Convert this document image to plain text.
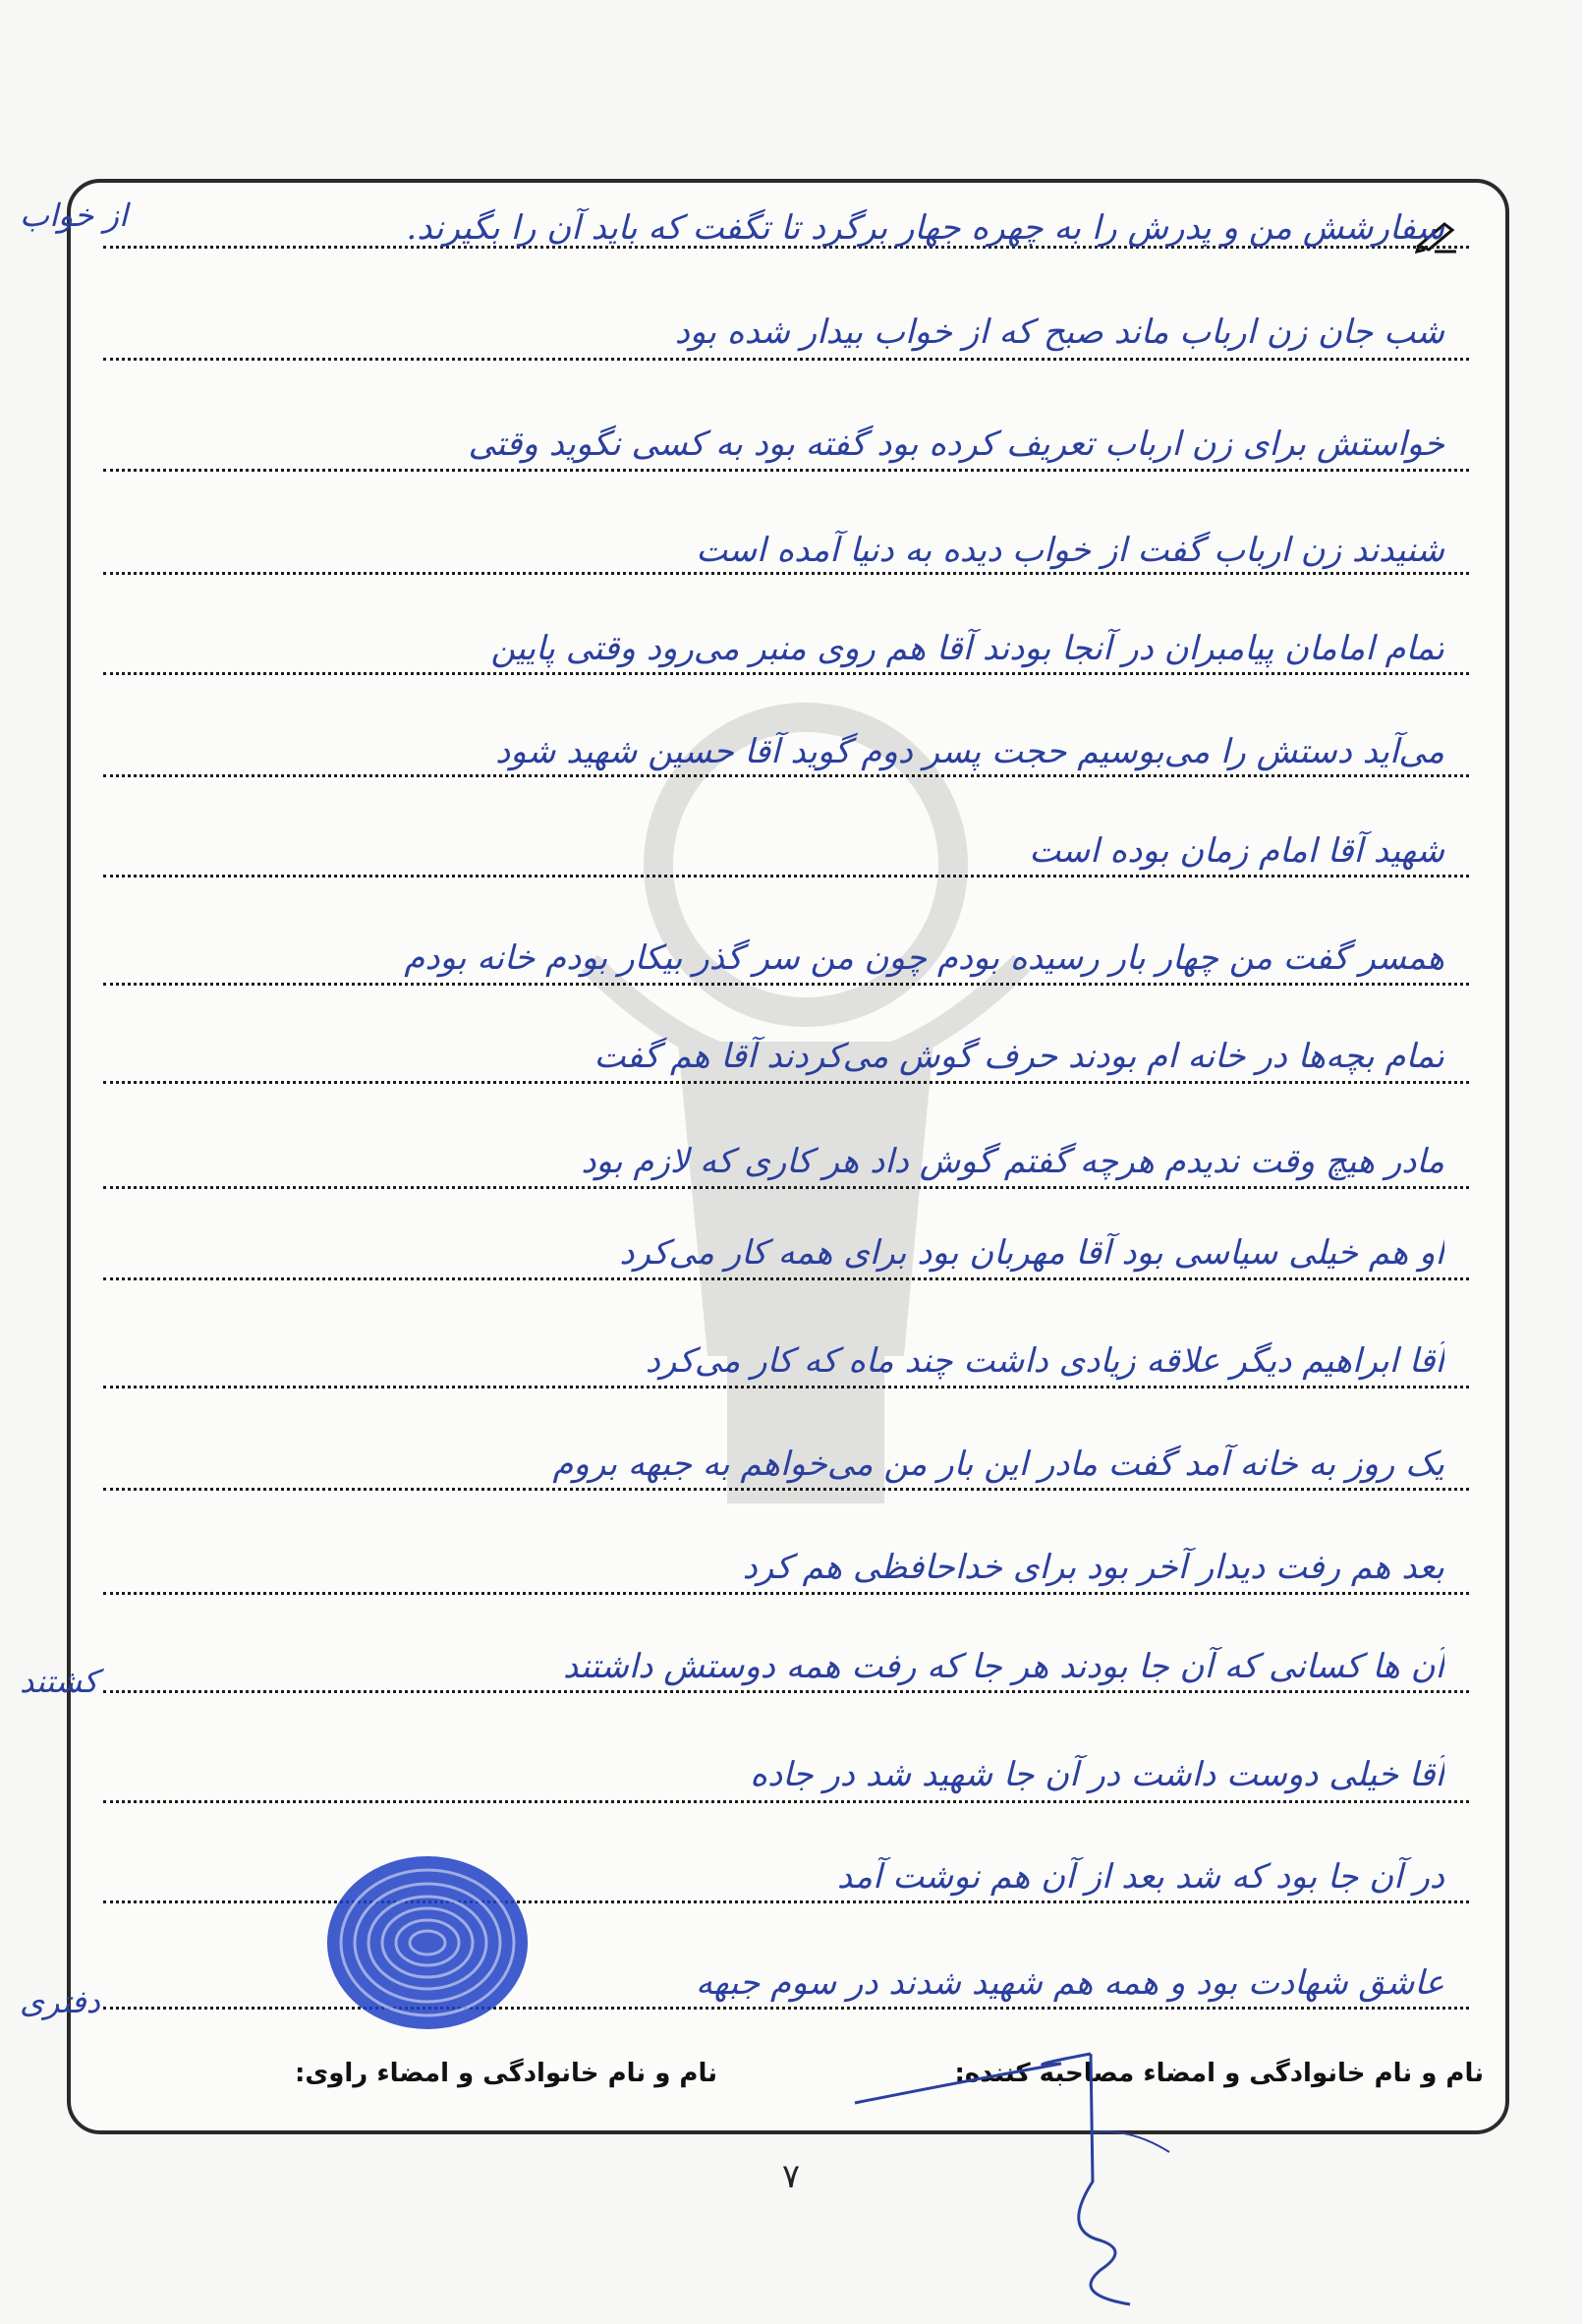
سفارشش من و پدرش را به چهره جهار برگرد تا تگفت که باید آن را بگیرند.
شب جان زن ارباب ماند صبح که از خواب بیدار شده بود
خواستش برای زن ارباب تعریف کرده بود گفته بود به کسی نگوید وقتی
شنیدند زن ارباب گفت از خواب دیده به دنیا آمده است
تمام امامان پیامبران در آنجا بودند آقا هم روی منبر می‌رود وقتی پایین
می‌آید دستش را می‌بوسیم حجت پسر دوم گوید آقا حسین شهید شود
شهید آقا امام زمان بوده است
همسر گفت من چهار بار رسیده بودم چون من سر گذر بیکار بودم خانه بودم
تمام بچه‌ها در خانه ام بودند حرف گوش می‌کردند آقا هم گفت
مادر هیچ وقت ندیدم هرچه گفتم گوش داد هر کاری که لازم بود
او هم خیلی سیاسی بود آقا مهربان بود برای همه کار می‌کرد
آقا ابراهیم دیگر علاقه زیادی داشت چند ماه که کار می‌کرد
یک روز به خانه آمد گفت مادر این بار من می‌خواهم به جبهه بروم
بعد هم رفت دیدار آخر بود برای خداحافظی هم کرد
آن ها کسانی که آن جا بودند هر جا که رفت همه دوستش داشتند
آقا خیلی دوست داشت در آن جا شهید شد در جاده
در آن جا بود که شد بعد از آن هم نوشت آمد
عاشق شهادت بود و همه هم شهید شدند در سوم جبهه
از خواب
کشتند
دفتری
نام و نام خانوادگی و امضاء مصاحبه کننده:
نام و نام خانوادگی و امضاء راوی:
۷
